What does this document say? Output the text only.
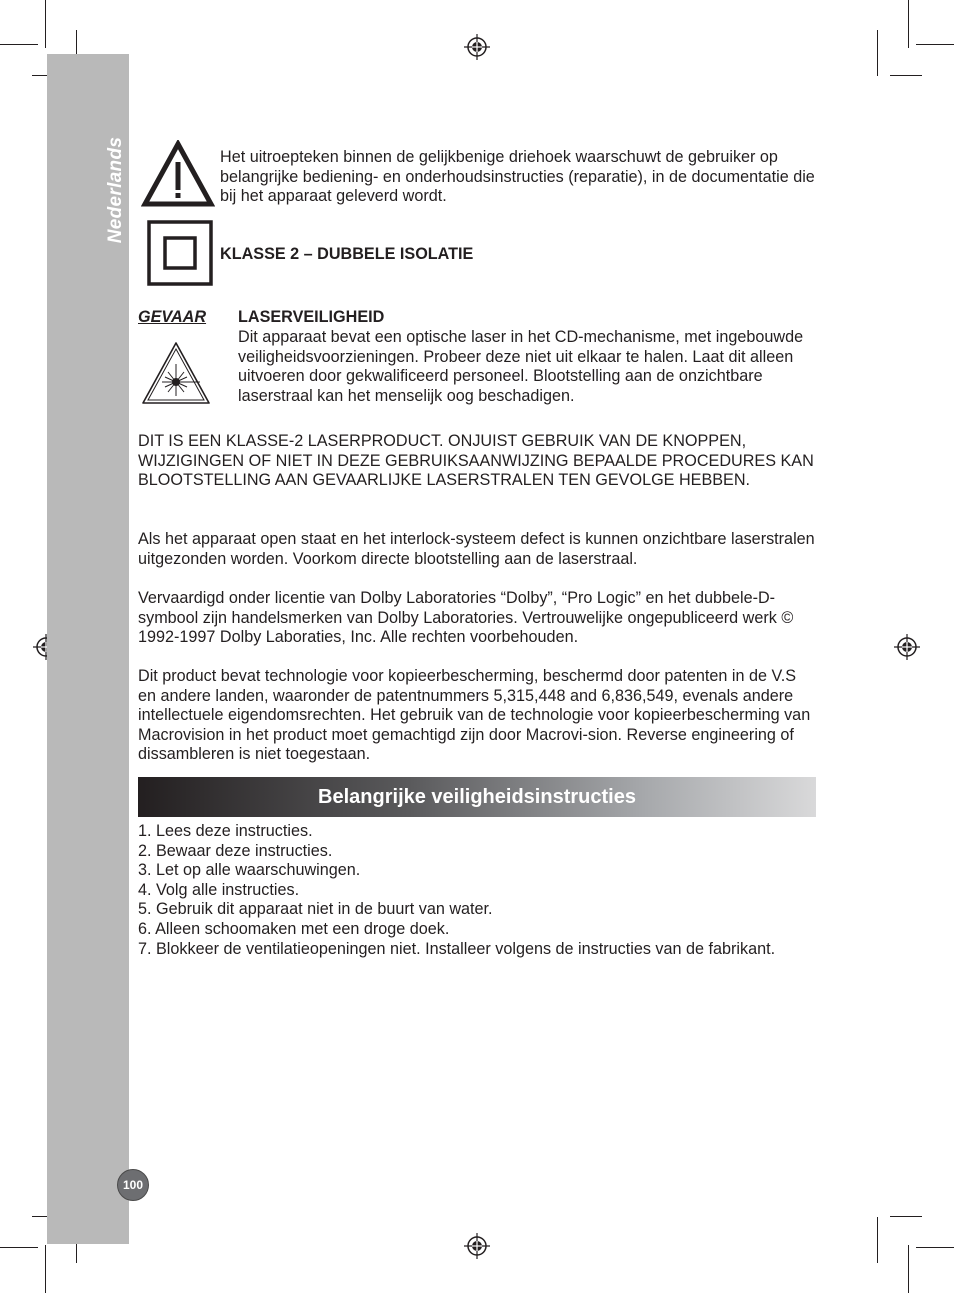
Nederlands
100
Het uitroepteken binnen de gelijkbenige driehoek waarschuwt de gebruiker op belangrijke bediening- en onderhoudsinstructies (reparatie), in de documentatie die bij het apparaat geleverd wordt.
KLASSE 2 – DUBBELE ISOLATIE
GEVAAR LASERVEILIGHEID
Dit apparaat bevat een optische laser in het CD-mechanisme, met ingebouwde veiligheidsvoorzieningen. Probeer deze niet uit elkaar te halen. Laat dit alleen uitvoeren door gekwalificeerd personeel. Blootstelling aan de onzichtbare laserstraal kan het menselijk oog beschadigen.
DIT IS EEN KLASSE-2 LASERPRODUCT. ONJUIST GEBRUIK VAN DE KNOPPEN, WIJZIGINGEN OF NIET IN DEZE GEBRUIKSAANWIJZING BEPAALDE PROCEDURES KAN BLOOTSTELLING AAN GEVAARLIJKE LASERSTRALEN TEN GEVOLGE HEBBEN.
Als het apparaat open staat en het interlock-systeem defect is kunnen onzichtbare laserstralen uitgezonden worden. Voorkom directe blootstelling aan de laserstraal.
Vervaardigd onder licentie van Dolby Laboratories “Dolby”, “Pro Logic” en het dubbele-D-symbool zijn handelsmerken van Dolby Laboratories. Vertrouwelijke ongepubliceerd werk © 1992-1997 Dolby Laboraties, Inc. Alle rechten voorbehouden.
Dit product bevat technologie voor kopieerbescherming, beschermd door patenten in de V.S en andere landen, waaronder de patentnummers 5,315,448 and 6,836,549, evenals andere intellectuele eigendomsrechten. Het gebruik van de technologie voor kopieerbescherming van Macrovision in het product moet gemachtigd zijn door Macrovi-sion. Reverse engineering of dissambleren is niet toegestaan.
Belangrijke veiligheidsinstructies
1. Lees deze instructies.
2. Bewaar deze instructies.
3. Let op alle waarschuwingen.
4. Volg alle instructies.
5. Gebruik dit apparaat niet in de buurt van water.
6. Alleen schoomaken met een droge doek.
7. Blokkeer de ventilatieopeningen niet. Installeer volgens de instructies van de fabrikant.
